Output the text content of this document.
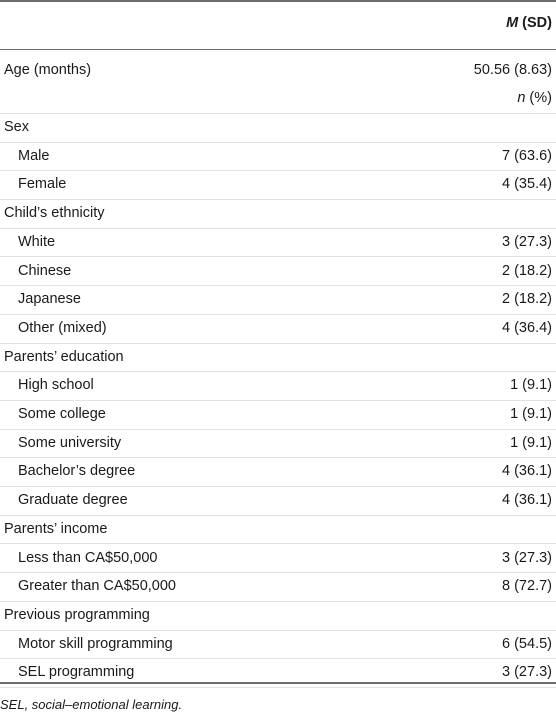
M (SD)
Age (months)	50.56 (8.63)
n (%)
Sex
Male	7 (63.6)
Female	4 (35.4)
Child’s ethnicity
White	3 (27.3)
Chinese	2 (18.2)
Japanese	2 (18.2)
Other (mixed)	4 (36.4)
Parents’ education
High school	1 (9.1)
Some college	1 (9.1)
Some university	1 (9.1)
Bachelor’s degree	4 (36.1)
Graduate degree	4 (36.1)
Parents’ income
Less than CA$50,000	3 (27.3)
Greater than CA$50,000	8 (72.7)
Previous programming
Motor skill programming	6 (54.5)
SEL programming	3 (27.3)
SEL, social–emotional learning.
